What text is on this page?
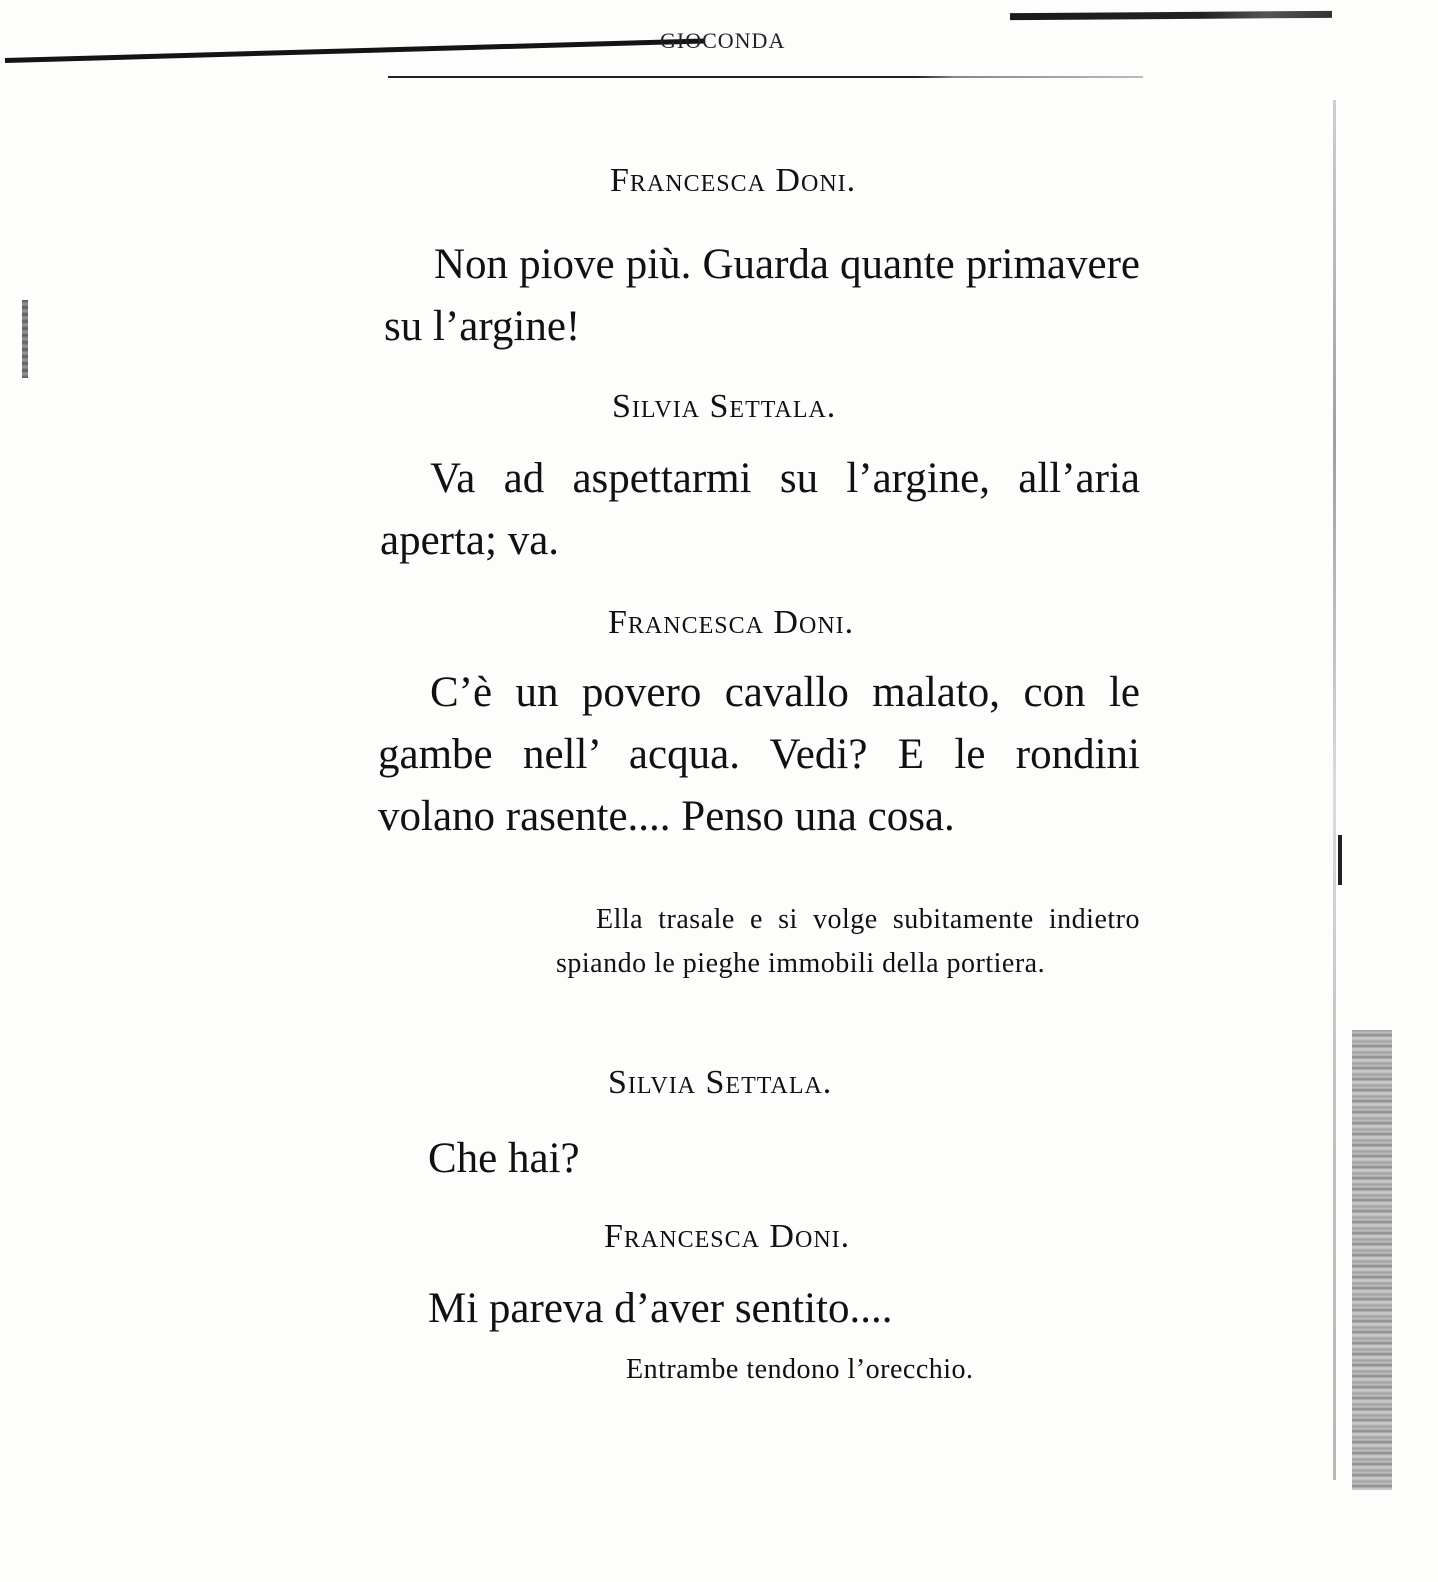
GIOCONDA
Francesca Doni.
Non piove più. Guarda quante primavere su l’argine!
Silvia Settala.
Va ad aspettarmi su l’argine, all’aria aperta; va.
Francesca Doni.
C’è un povero cavallo malato, con le gambe nell’ acqua. Vedi? E le rondini volano rasente.... Penso una cosa.
Ella trasale e si volge subitamente indietro spiando le pieghe immobili della portiera.
Silvia Settala.
Che hai?
Francesca Doni.
Mi pareva d’aver sentito....
Entrambe tendono l’orecchio.
